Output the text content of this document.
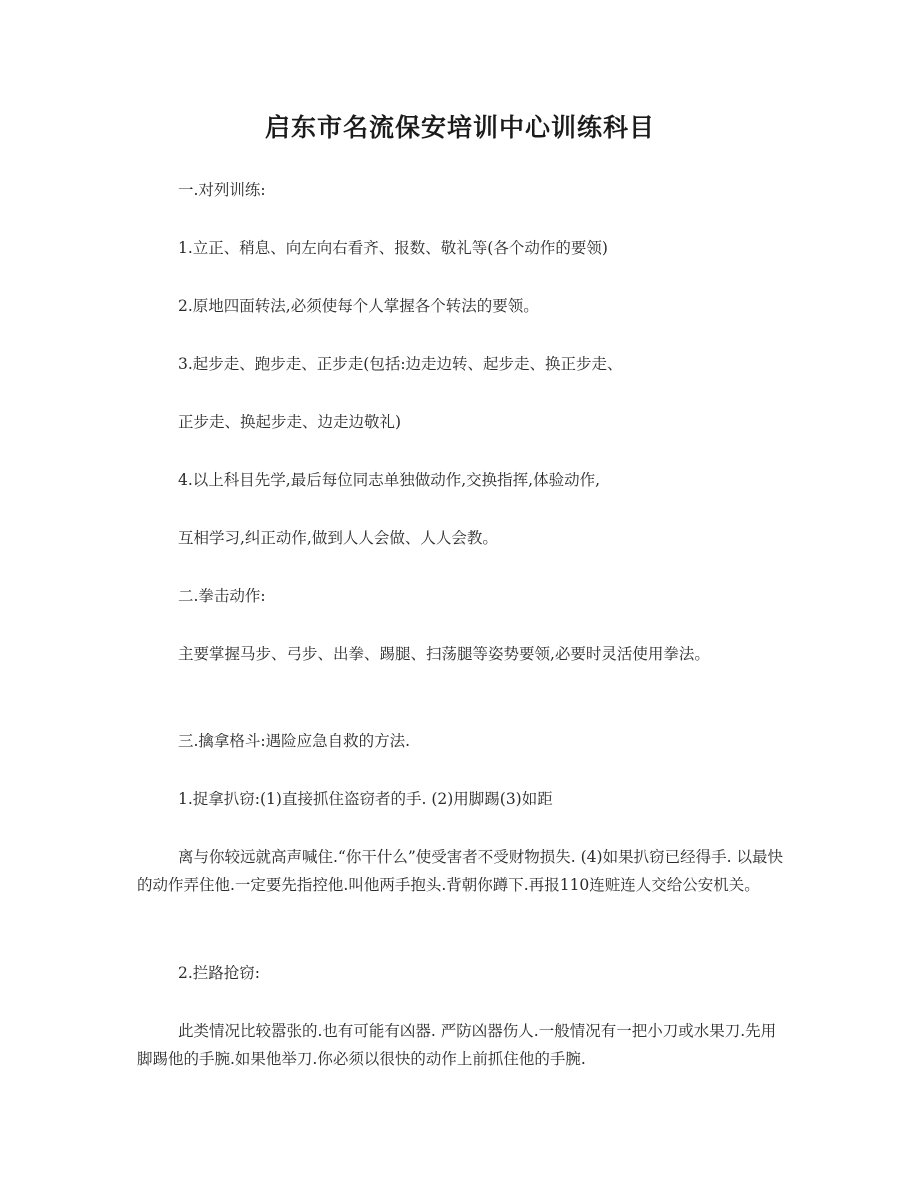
启东市名流保安培训中心训练科目
一.对列训练:
1.立正、稍息、向左向右看齐、报数、敬礼等(各个动作的要领)
2.原地四面转法,必须使每个人掌握各个转法的要领。
3.起步走、跑步走、正步走(包括:边走边转、起步走、换正步走、
正步走、换起步走、边走边敬礼)
4.以上科目先学,最后每位同志单独做动作,交换指挥,体验动作,
互相学习,纠正动作,做到人人会做、人人会教。
二.拳击动作:
主要掌握马步、弓步、出拳、踢腿、扫荡腿等姿势要领,必要时灵活使用拳法。
三.擒拿格斗:遇险应急自救的方法.
1.捉拿扒窃:(1)直接抓住盗窃者的手. (2)用脚踢(3)如距
离与你较远就高声喊住.“你干什么”使受害者不受财物损失. (4)如果扒窃已经得手. 以最快的动作弄住他.一定要先指控他.叫他两手抱头.背朝你蹲下.再报110连赃连人交给公安机关。
2.拦路抢窃:
此类情况比较嚣张的.也有可能有凶器. 严防凶器伤人.一般情况有一把小刀或水果刀.先用脚踢他的手腕.如果他举刀.你必须以很快的动作上前抓住他的手腕.
